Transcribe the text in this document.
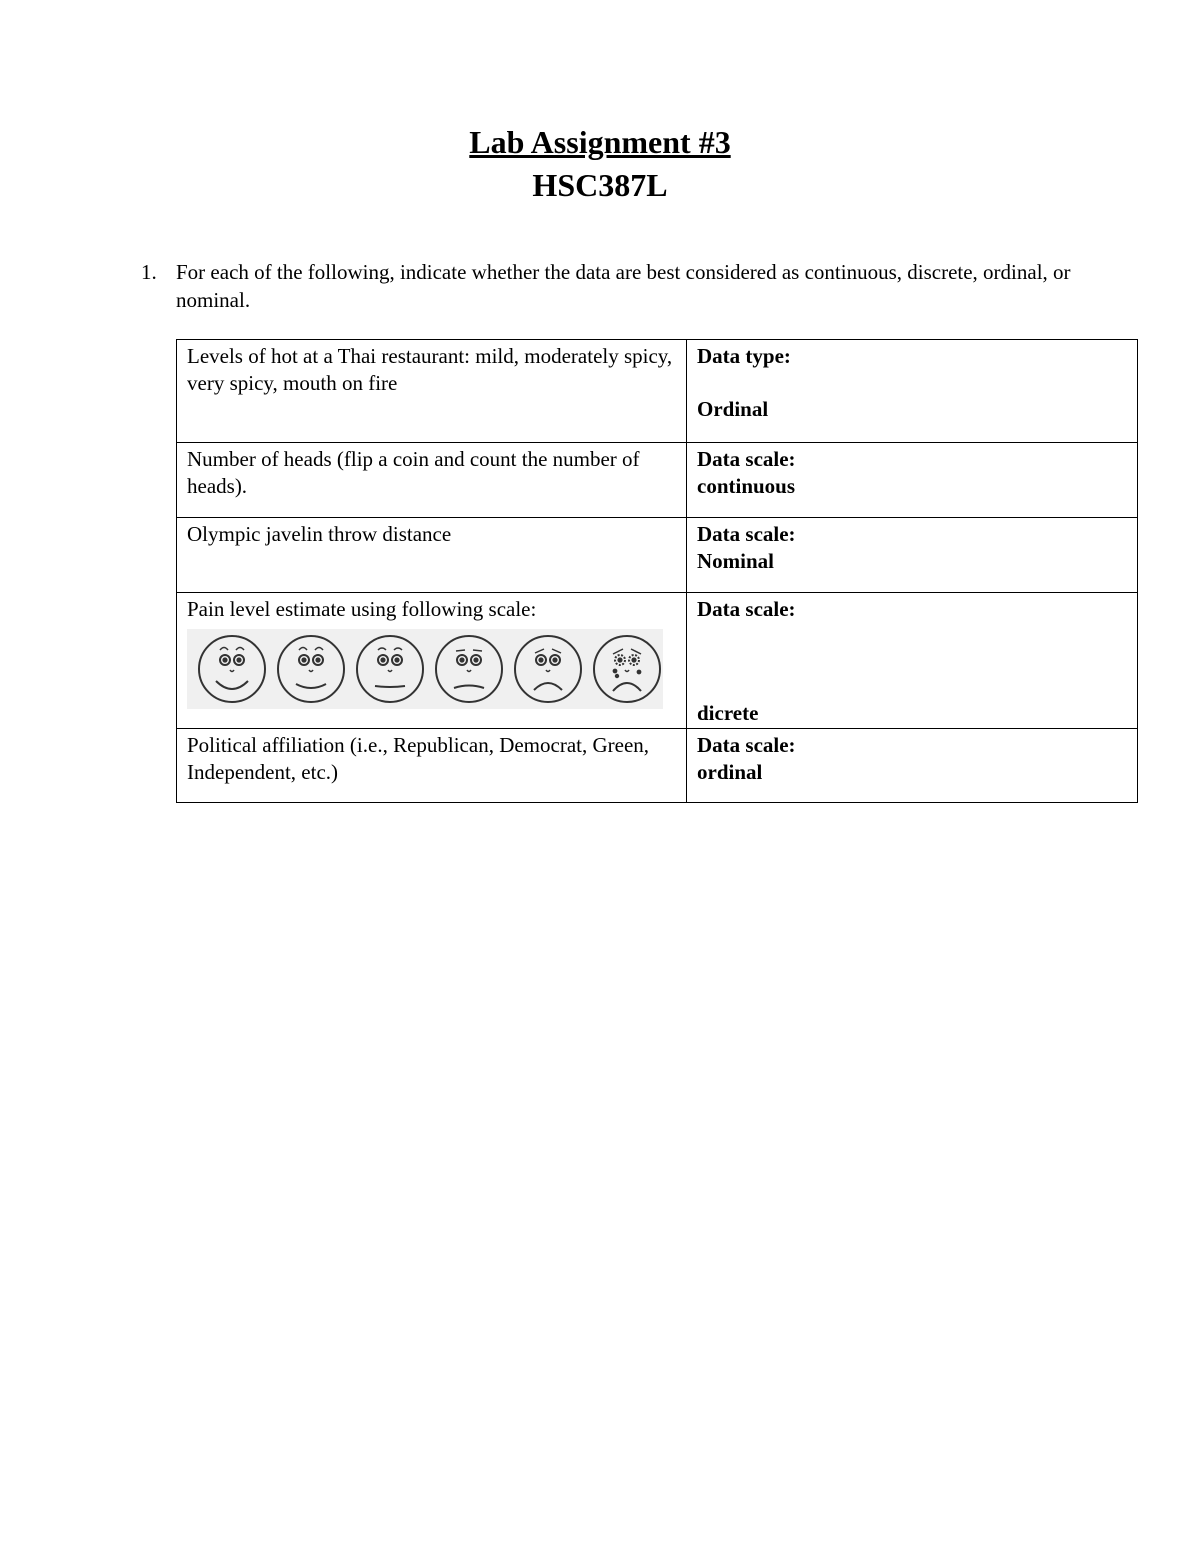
Lab Assignment #3
HSC387L
1. For each of the following, indicate whether the data are best considered as continuous, discrete, ordinal, or nominal.
Levels of hot at a Thai restaurant: mild, moderately spicy, very spicy, mouth on fire	Data type:
Ordinal

Number of heads (flip a coin and count the number of heads).	Data scale:
continuous

Olympic javelin throw distance	Data scale:
Nominal

Pain level estimate using following scale:	Data scale:
dicrete

Political affiliation (i.e., Republican, Democrat, Green, Independent, etc.)	Data scale:
ordinal
